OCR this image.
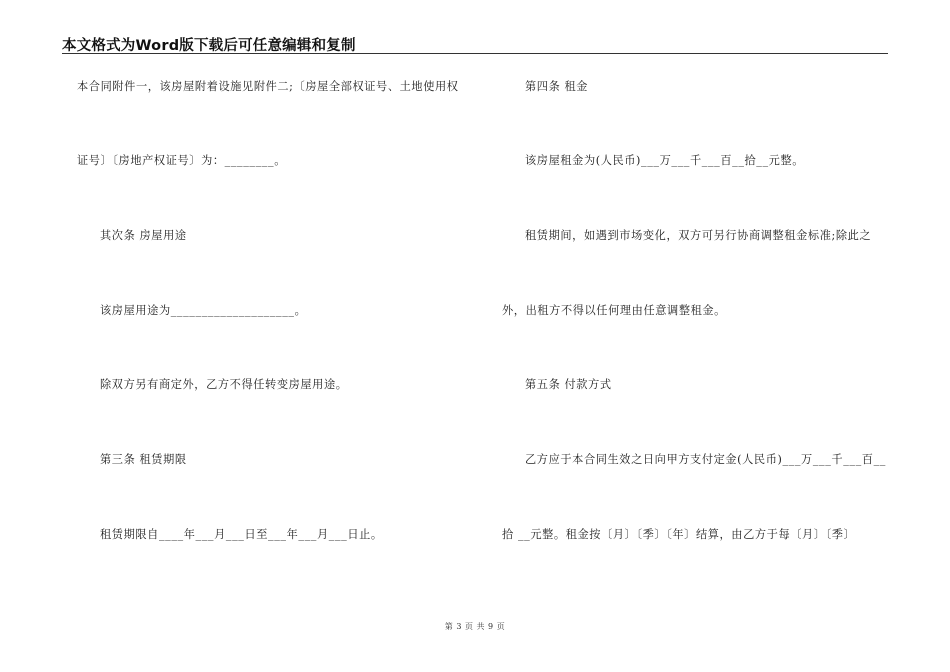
本文格式为Word版下载后可任意编辑和复制
本合同附件一，该房屋附着设施见附件二;〔房屋全部权证号、土地使用权
证号〕〔房地产权证号〕为：________。
其次条 房屋用途
该房屋用途为____________________。
除双方另有商定外，乙方不得任转变房屋用途。
第三条 租赁期限
租赁期限自____年___月___日至___年___月___日止。
第四条 租金
该房屋租金为(人民币)___万___千___百__拾__元整。
租赁期间，如遇到市场变化，双方可另行协商调整租金标准;除此之
外，出租方不得以任何理由任意调整租金。
第五条 付款方式
乙方应于本合同生效之日向甲方支付定金(人民币)___万___千___百__
拾 __元整。租金按〔月〕〔季〕〔年〕结算，由乙方于每〔月〕〔季〕
第 3 页 共 9 页
